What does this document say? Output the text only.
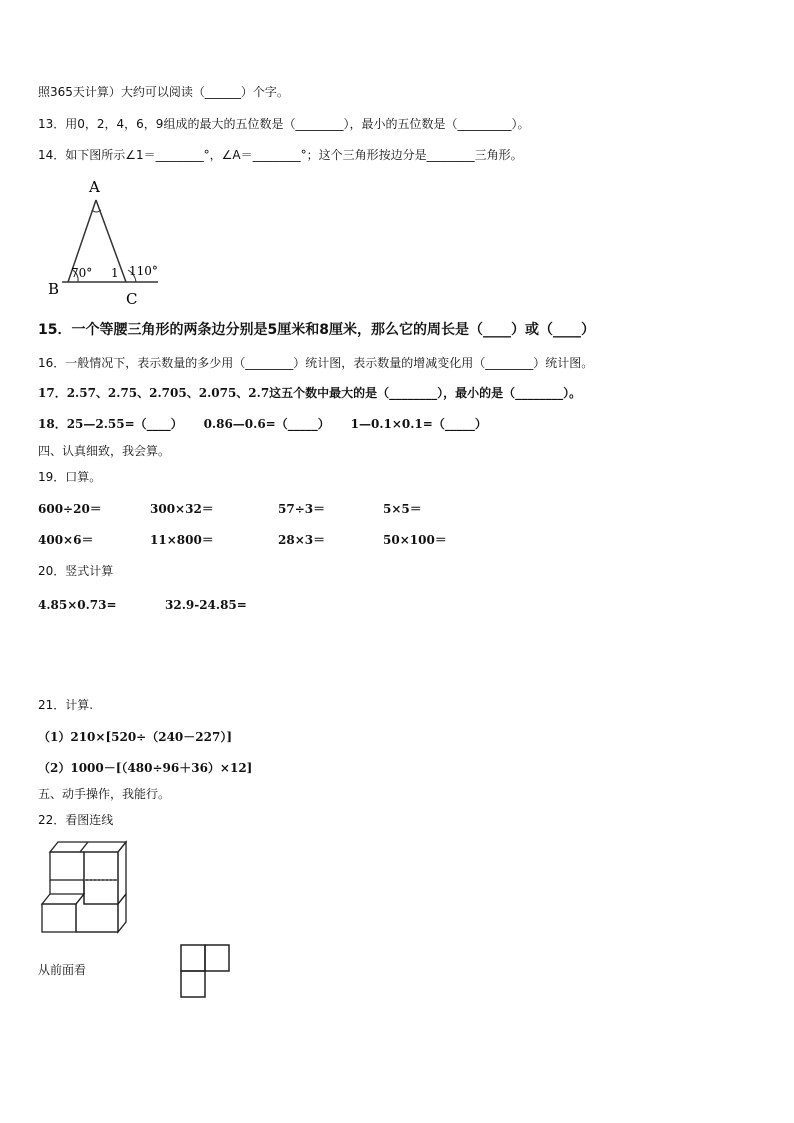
照365天计算）大约可以阅读（______）个字。
13．用0，2，4，6，9组成的最大的五位数是（________），最小的五位数是（_________）。
14．如下图所示∠1＝________°，∠A＝________°；这个三角形按边分是________三角形。
A
B
C
70° 1 110°
15．一个等腰三角形的两条边分别是5厘米和8厘米，那么它的周长是（____）或（____）
16．一般情况下，表示数量的多少用（________）统计图，表示数量的增减变化用（________）统计图。
17．2.57、2.75、2.705、2.075、2.7这五个数中最大的是（________），最小的是（________）。
18．25—2.55=（____）     0.86—0.6=（_____）     1—0.1×0.1=（_____）
四、认真细致，我会算。
19．口算。
600÷20＝	300×32＝	57÷3＝	5×5＝
400×6＝	11×800＝	28×3＝	50×100＝
20．竖式计算
4.85×0.73=	32.9-24.85=
21．计算.
（1）210×[520÷（240－227）]
（2）1000－[（480÷96＋36）×12]
五、动手操作，我能行。
22．看图连线
从前面看
